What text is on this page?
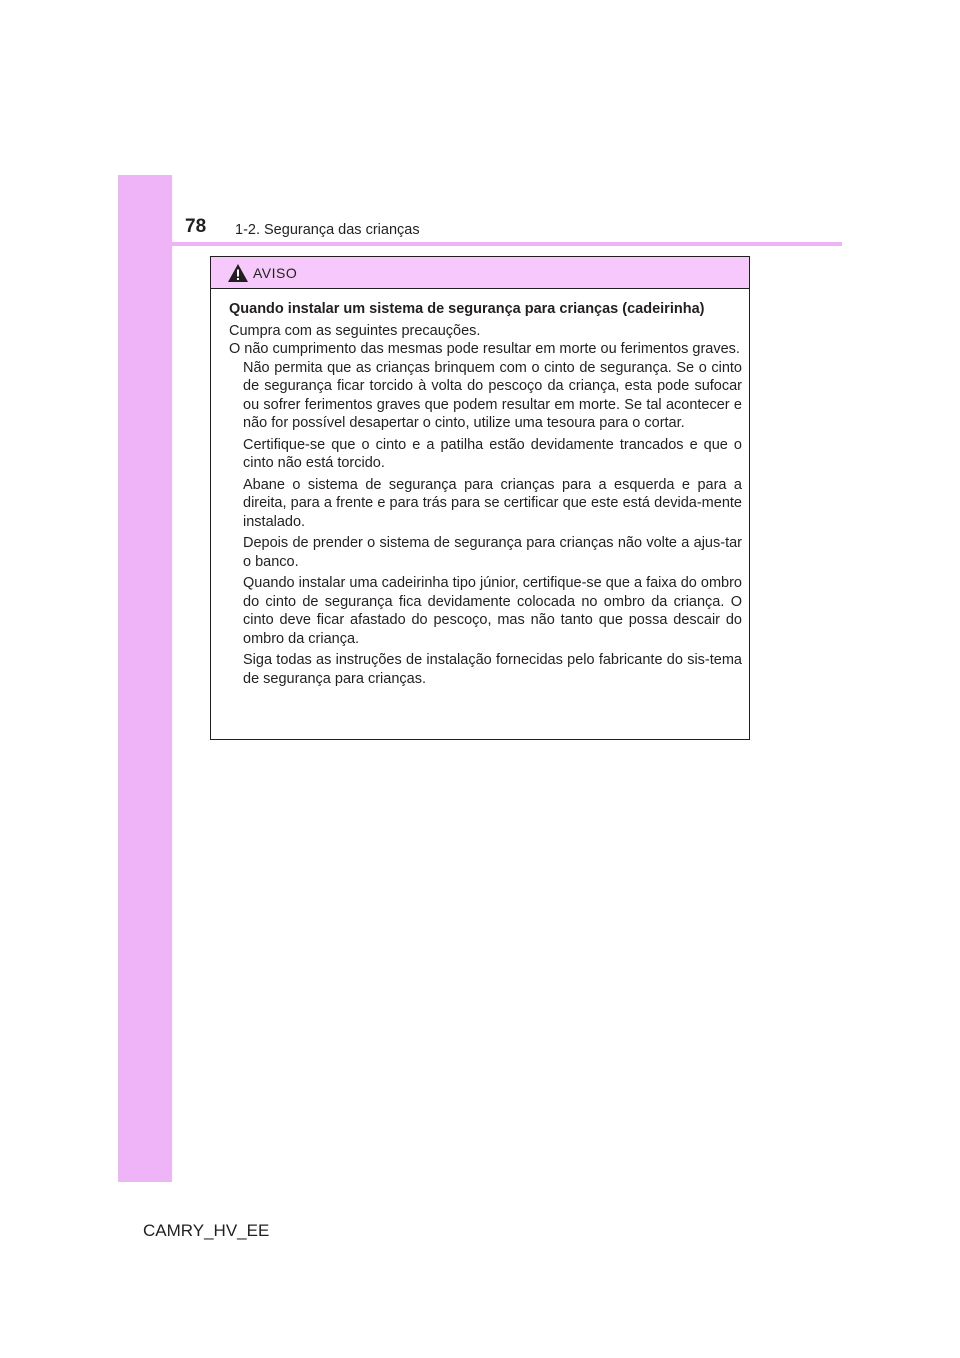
78 1-2. Segurança das crianças
AVISO

Quando instalar um sistema de segurança para crianças (cadeirinha)

Cumpra com as seguintes precauções.
O não cumprimento das mesmas pode resultar em morte ou ferimentos graves.

Não permita que as crianças brinquem com o cinto de segurança. Se o cinto de segurança ficar torcido à volta do pescoço da criança, esta pode sufocar ou sofrer ferimentos graves que podem resultar em morte. Se tal acontecer e não for possível desapertar o cinto, utilize uma tesoura para o cortar.
Certifique-se que o cinto e a patilha estão devidamente trancados e que o cinto não está torcido.
Abane o sistema de segurança para crianças para a esquerda e para a direita, para a frente e para trás para se certificar que este está devida-mente instalado.
Depois de prender o sistema de segurança para crianças não volte a ajus-tar o banco.
Quando instalar uma cadeirinha tipo júnior, certifique-se que a faixa do ombro do cinto de segurança fica devidamente colocada no ombro da criança. O cinto deve ficar afastado do pescoço, mas não tanto que possa descair do ombro da criança.
Siga todas as instruções de instalação fornecidas pelo fabricante do sis-tema de segurança para crianças.
CAMRY_HV_EE
